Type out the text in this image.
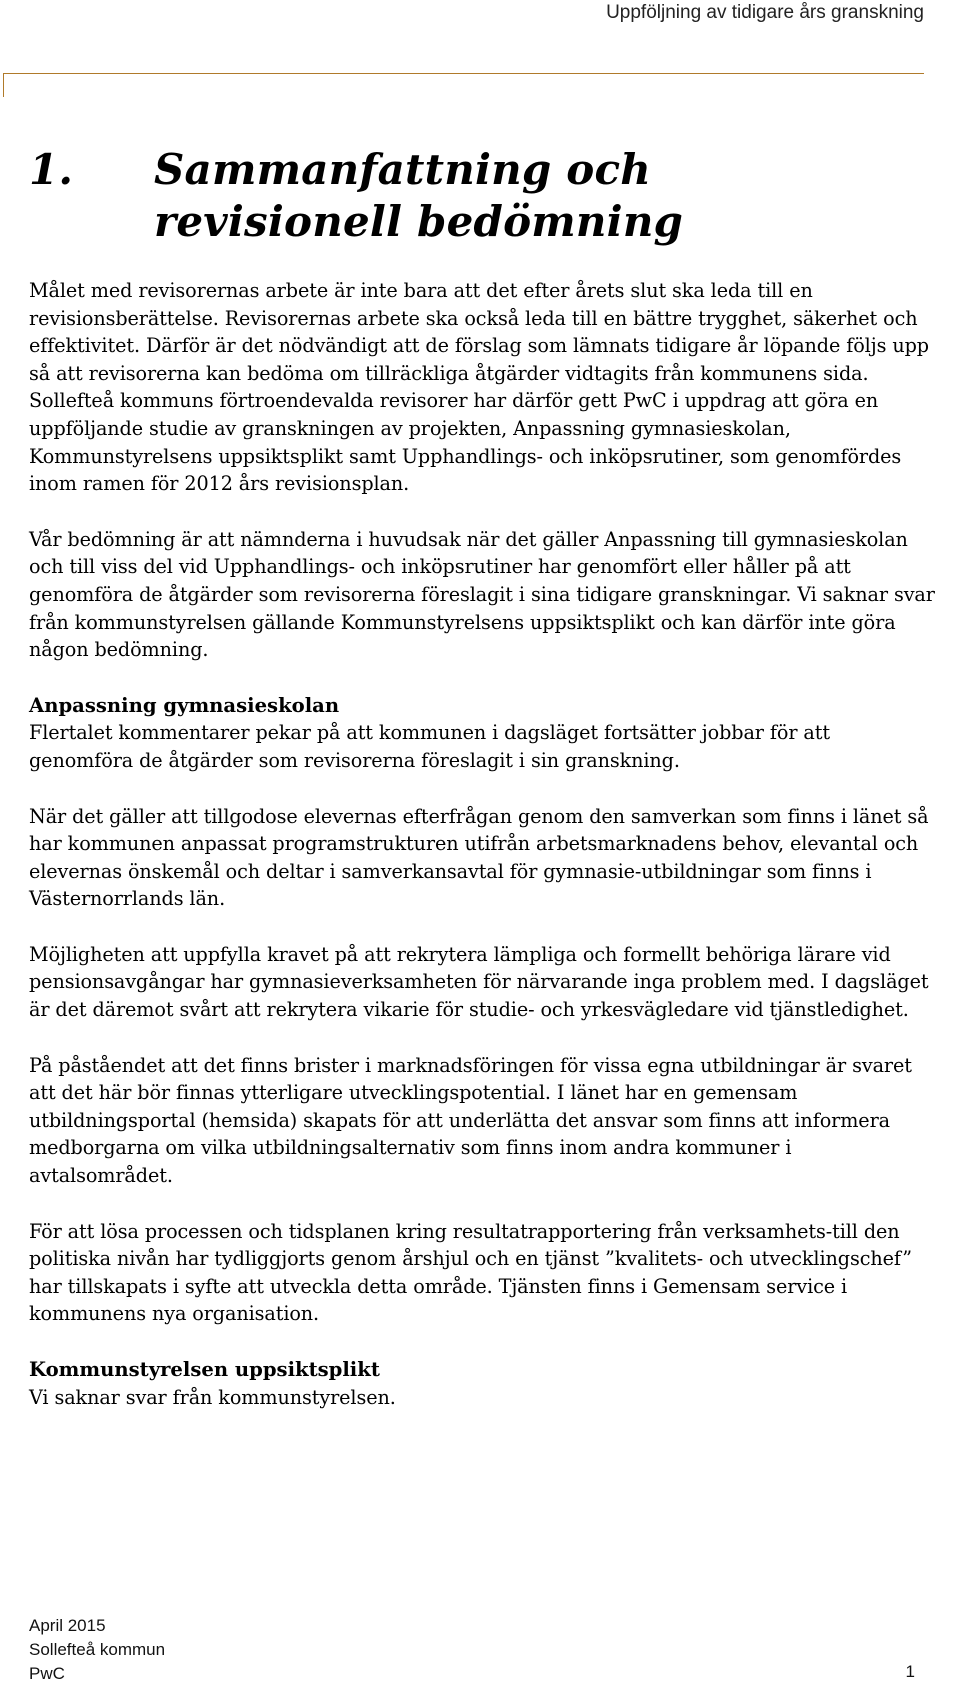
Uppföljning av tidigare års granskning
1. Sammanfattning och revisionell bedömning

Målet med revisorernas arbete är inte bara att det efter årets slut ska leda till en revisionsberättelse. Revisorernas arbete ska också leda till en bättre trygghet, säkerhet och effektivitet. Därför är det nödvändigt att de förslag som lämnats tidigare år löpande följs upp så att revisorerna kan bedöma om tillräckliga åtgärder vidtagits från kommunens sida. Sollefteå kommuns förtroendevalda revisorer har därför gett PwC i uppdrag att göra en uppföljande studie av granskningen av projekten, Anpassning gymnasieskolan, Kommunstyrelsens uppsiktsplikt samt Upphandlings- och inköpsrutiner, som genomfördes inom ramen för 2012 års revisionsplan.

Vår bedömning är att nämnderna i huvudsak när det gäller Anpassning till gymnasieskolan och till viss del vid Upphandlings- och inköpsrutiner har genomfört eller håller på att genomföra de åtgärder som revisorerna föreslagit i sina tidigare granskningar. Vi saknar svar från kommunstyrelsen gällande Kommunstyrelsens uppsiktsplikt och kan därför inte göra någon bedömning.

Anpassning gymnasieskolan

Flertalet kommentarer pekar på att kommunen i dagsläget fortsätter jobbar för att genomföra de åtgärder som revisorerna föreslagit i sin granskning.

När det gäller att tillgodose elevernas efterfrågan genom den samverkan som finns i länet så har kommunen anpassat programstrukturen utifrån arbetsmarknadens behov, elevantal och elevernas önskemål och deltar i samverkansavtal för gymnasie-utbildningar som finns i Västernorrlands län.

Möjligheten att uppfylla kravet på att rekrytera lämpliga och formellt behöriga lärare vid pensionsavgångar har gymnasieverksamheten för närvarande inga problem med. I dagsläget är det däremot svårt att rekrytera vikarie för studie- och yrkesvägledare vid tjänstledighet.

På påståendet att det finns brister i marknadsföringen för vissa egna utbildningar är svaret att det här bör finnas ytterligare utvecklingspotential. I länet har en gemensam utbildningsportal (hemsida) skapats för att underlätta det ansvar som finns att informera medborgarna om vilka utbildningsalternativ som finns inom andra kommuner i avtalsområdet.

För att lösa processen och tidsplanen kring resultatrapportering från verksamhets-till den politiska nivån har tydliggjorts genom årshjul och en tjänst ”kvalitets- och utvecklingschef” har tillskapats i syfte att utveckla detta område. Tjänsten finns i Gemensam service i kommunens nya organisation.

Kommunstyrelsen uppsiktsplikt

Vi saknar svar från kommunstyrelsen.

April 2015
Sollefteå kommun
PwC	1
